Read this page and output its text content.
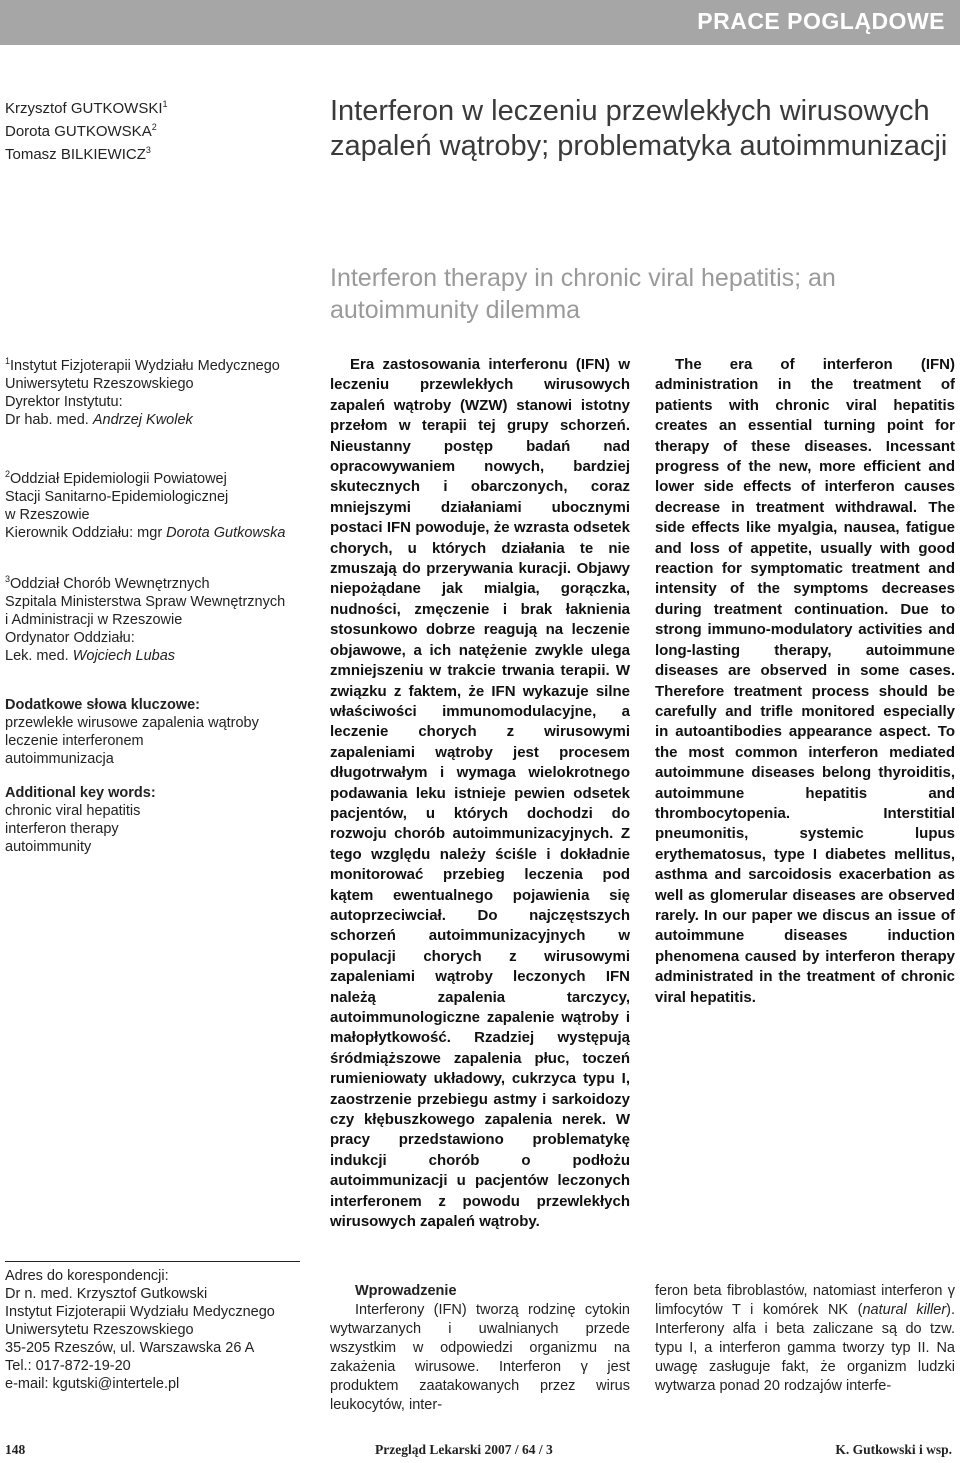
PRACE POGLĄDOWE
Krzysztof GUTKOWSKI$^1$
Dorota GUTKOWSKA$^2$
Tomasz BILKIEWICZ$^3$
Interferon w leczeniu przewlekłych wirusowych zapaleń wątroby; problematyka autoimmunizacji
Interferon therapy in chronic viral hepatitis; an autoimmunity dilemma
$^1$Instytut Fizjoterapii Wydziału Medycznego
Uniwersytetu Rzeszowskiego
Dyrektor Instytutu:
Dr hab. med. Andrzej Kwolek
$^2$Oddział Epidemiologii Powiatowej
Stacji Sanitarno-Epidemiologicznej
w Rzeszowie
Kierownik Oddziału: mgr Dorota Gutkowska
$^3$Oddział Chorób Wewnętrznych
Szpitala Ministerstwa Spraw Wewnętrznych
i Administracji w Rzeszowie
Ordynator Oddziału:
Lek. med. Wojciech Lubas
Dodatkowe słowa kluczowe:
przewlekłe wirusowe zapalenia wątroby
leczenie interferonem
autoimmunizacja
Additional key words:
chronic viral hepatitis
interferon therapy
autoimmunity
Era zastosowania interferonu (IFN) w leczeniu przewlekłych wirusowych zapaleń wątroby (WZW) stanowi istotny przełom w terapii tej grupy schorzeń. Nieustanny postęp badań nad opracowywaniem nowych, bardziej skutecznych i obarczonych, coraz mniejszymi działaniami ubocznymi postaci IFN powoduje, że wzrasta odsetek chorych, u których działania te nie zmuszają do przerywania kuracji. Objawy niepożądane jak mialgia, gorączka, nudności, zmęczenie i brak łaknienia stosunkowo dobrze reagują na leczenie objawowe, a ich natężenie zwykle ulega zmniejszeniu w trakcie trwania terapii. W związku z faktem, że IFN wykazuje silne właściwości immunomodulacyjne, a leczenie chorych z wirusowymi zapaleniami wątroby jest procesem długotrwałym i wymaga wielokrotnego podawania leku istnieje pewien odsetek pacjentów, u których dochodzi do rozwoju chorób autoimmunizacyjnych. Z tego względu należy ściśle i dokładnie monitorować przebieg leczenia pod kątem ewentualnego pojawienia się autoprzeciwciał. Do najczęstszych schorzeń autoimmunizacyjnych w populacji chorych z wirusowymi zapaleniami wątroby leczonych IFN należą zapalenia tarczycy, autoimmunologiczne zapalenie wątroby i małopłytkowość. Rzadziej występują śródmiąższowe zapalenia płuc, toczeń rumieniowaty układowy, cukrzyca typu I, zaostrzenie przebiegu astmy i sarkoidozy czy kłębuszkowego zapalenia nerek. W pracy przedstawiono problematykę indukcji chorób o podłożu autoimmunizacji u pacjentów leczonych interferonem z powodu przewlekłych wirusowych zapaleń wątroby.
The era of interferon (IFN) administration in the treatment of patients with chronic viral hepatitis creates an essential turning point for therapy of these diseases. Incessant progress of the new, more efficient and lower side effects of interferon causes decrease in treatment withdrawal. The side effects like myalgia, nausea, fatigue and loss of appetite, usually with good reaction for symptomatic treatment and intensity of the symptoms decreases during treatment continuation. Due to strong immuno-modulatory activities and long-lasting therapy, autoimmune diseases are observed in some cases. Therefore treatment process should be carefully and trifle monitored especially in autoantibodies appearance aspect. To the most common interferon mediated autoimmune diseases belong thyroiditis, autoimmune hepatitis and thrombocytopenia. Interstitial pneumonitis, systemic lupus erythematosus, type I diabetes mellitus, asthma and sarcoidosis exacerbation as well as glomerular diseases are observed rarely. In our paper we discus an issue of autoimmune diseases induction phenomena caused by interferon therapy administrated in the treatment of chronic viral hepatitis.
Adres do korespondencji:
Dr n. med. Krzysztof Gutkowski
Instytut Fizjoterapii Wydziału Medycznego
Uniwersytetu Rzeszowskiego
35-205 Rzeszów, ul. Warszawska 26 A
Tel.: 017-872-19-20
e-mail: kgutski@intertele.pl
Wprowadzenie
Interferony (IFN) tworzą rodzinę cytokin wytwarzanych i uwalnianych przede wszystkim w odpowiedzi organizmu na zakażenia wirusowe. Interferon γ jest produktem zaatakowanych przez wirus leukocytów, inter-
feron beta fibroblastów, natomiast interferon γ limfocytów T i komórek NK (natural killer). Interferony alfa i beta zaliczane są do tzw. typu I, a interferon gamma tworzy typ II. Na uwagę zasługuje fakt, że organizm ludzki wytwarza ponad 20 rodzajów interfe-
148	Przegląd Lekarski 2007 / 64 / 3	K. Gutkowski i wsp.
